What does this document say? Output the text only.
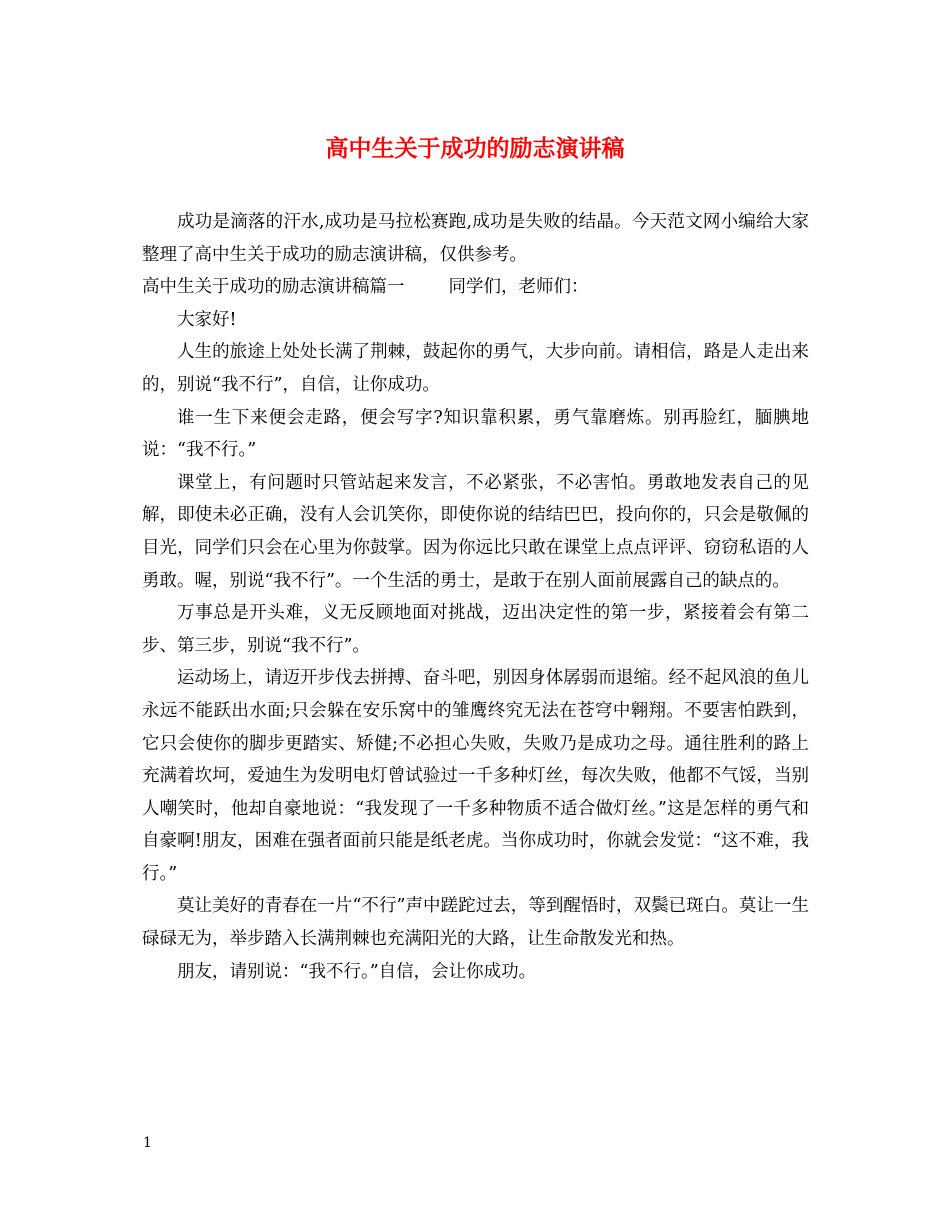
高中生关于成功的励志演讲稿

成功是滴落的汗水,成功是马拉松赛跑,成功是失败的结晶。今天范文网小编给大家整理了高中生关于成功的励志演讲稿，仅供参考。

高中生关于成功的励志演讲稿篇一	同学们，老师们：

大家好!

人生的旅途上处处长满了荆棘，鼓起你的勇气，大步向前。请相信，路是人走出来的，别说“我不行”，自信，让你成功。

谁一生下来便会走路，便会写字?知识靠积累，勇气靠磨炼。别再脸红，腼腆地说：“我不行。”

课堂上，有问题时只管站起来发言，不必紧张，不必害怕。勇敢地发表自己的见解，即使未必正确，没有人会讥笑你，即使你说的结结巴巴，投向你的，只会是敬佩的目光，同学们只会在心里为你鼓掌。因为你远比只敢在课堂上点点评评、窃窃私语的人勇敢。喔，别说“我不行”。一个生活的勇士，是敢于在别人面前展露自己的缺点的。

万事总是开头难，义无反顾地面对挑战，迈出决定性的第一步，紧接着会有第二步、第三步，别说“我不行”。

运动场上，请迈开步伐去拼搏、奋斗吧，别因身体孱弱而退缩。经不起风浪的鱼儿永远不能跃出水面;只会躲在安乐窝中的雏鹰终究无法在苍穹中翱翔。不要害怕跌到，它只会使你的脚步更踏实、矫健;不必担心失败，失败乃是成功之母。通往胜利的路上充满着坎坷，爱迪生为发明电灯曾试验过一千多种灯丝，每次失败，他都不气馁，当别人嘲笑时，他却自豪地说：“我发现了一千多种物质不适合做灯丝。”这是怎样的勇气和自豪啊!朋友，困难在强者面前只能是纸老虎。当你成功时，你就会发觉：“这不难，我行。”

莫让美好的青春在一片“不行”声中蹉跎过去，等到醒悟时，双鬓已斑白。莫让一生碌碌无为，举步踏入长满荆棘也充满阳光的大路，让生命散发光和热。

朋友，请别说：“我不行。”自信，会让你成功。

1
